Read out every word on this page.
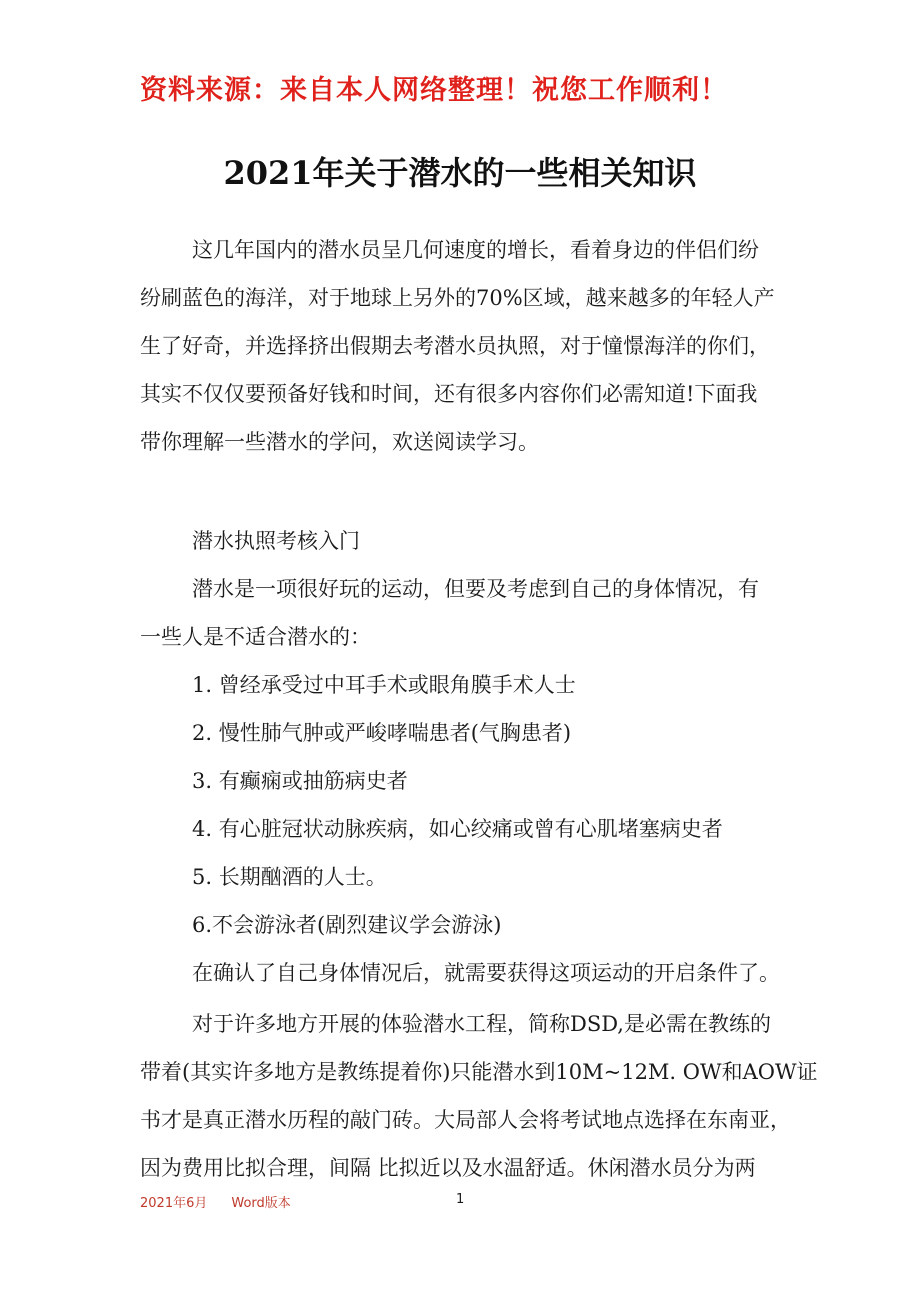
资料来源：来自本人网络整理！祝您工作顺利！
2021年关于潜水的一些相关知识

这几年国内的潜水员呈几何速度的增长，看着身边的伴侣们纷

纷刷蓝色的海洋，对于地球上另外的70%区域，越来越多的年轻人产

生了好奇，并选择挤出假期去考潜水员执照，对于憧憬海洋的你们，

其实不仅仅要预备好钱和时间，还有很多内容你们必需知道!下面我

带你理解一些潜水的学问，欢送阅读学习。

潜水执照考核入门

潜水是一项很好玩的运动，但要及考虑到自己的身体情况，有

一些人是不适合潜水的：

1. 曾经承受过中耳手术或眼角膜手术人士

2. 慢性肺气肿或严峻哮喘患者(气胸患者)

3. 有癫痫或抽筋病史者

4. 有心脏冠状动脉疾病，如心绞痛或曾有心肌堵塞病史者

5. 长期酗酒的人士。

6.不会游泳者(剧烈建议学会游泳)

在确认了自己身体情况后，就需要获得这项运动的开启条件了。

对于许多地方开展的体验潜水工程，简称DSD,是必需在教练的

带着(其实许多地方是教练提着你)只能潜水到10M~12M. OW和AOW证

书才是真正潜水历程的敲门砖。大局部人会将考试地点选择在东南亚，

因为费用比拟合理，间隔 比拟近以及水温舒适。休闲潜水员分为两

2021年6月 Word版本	1
